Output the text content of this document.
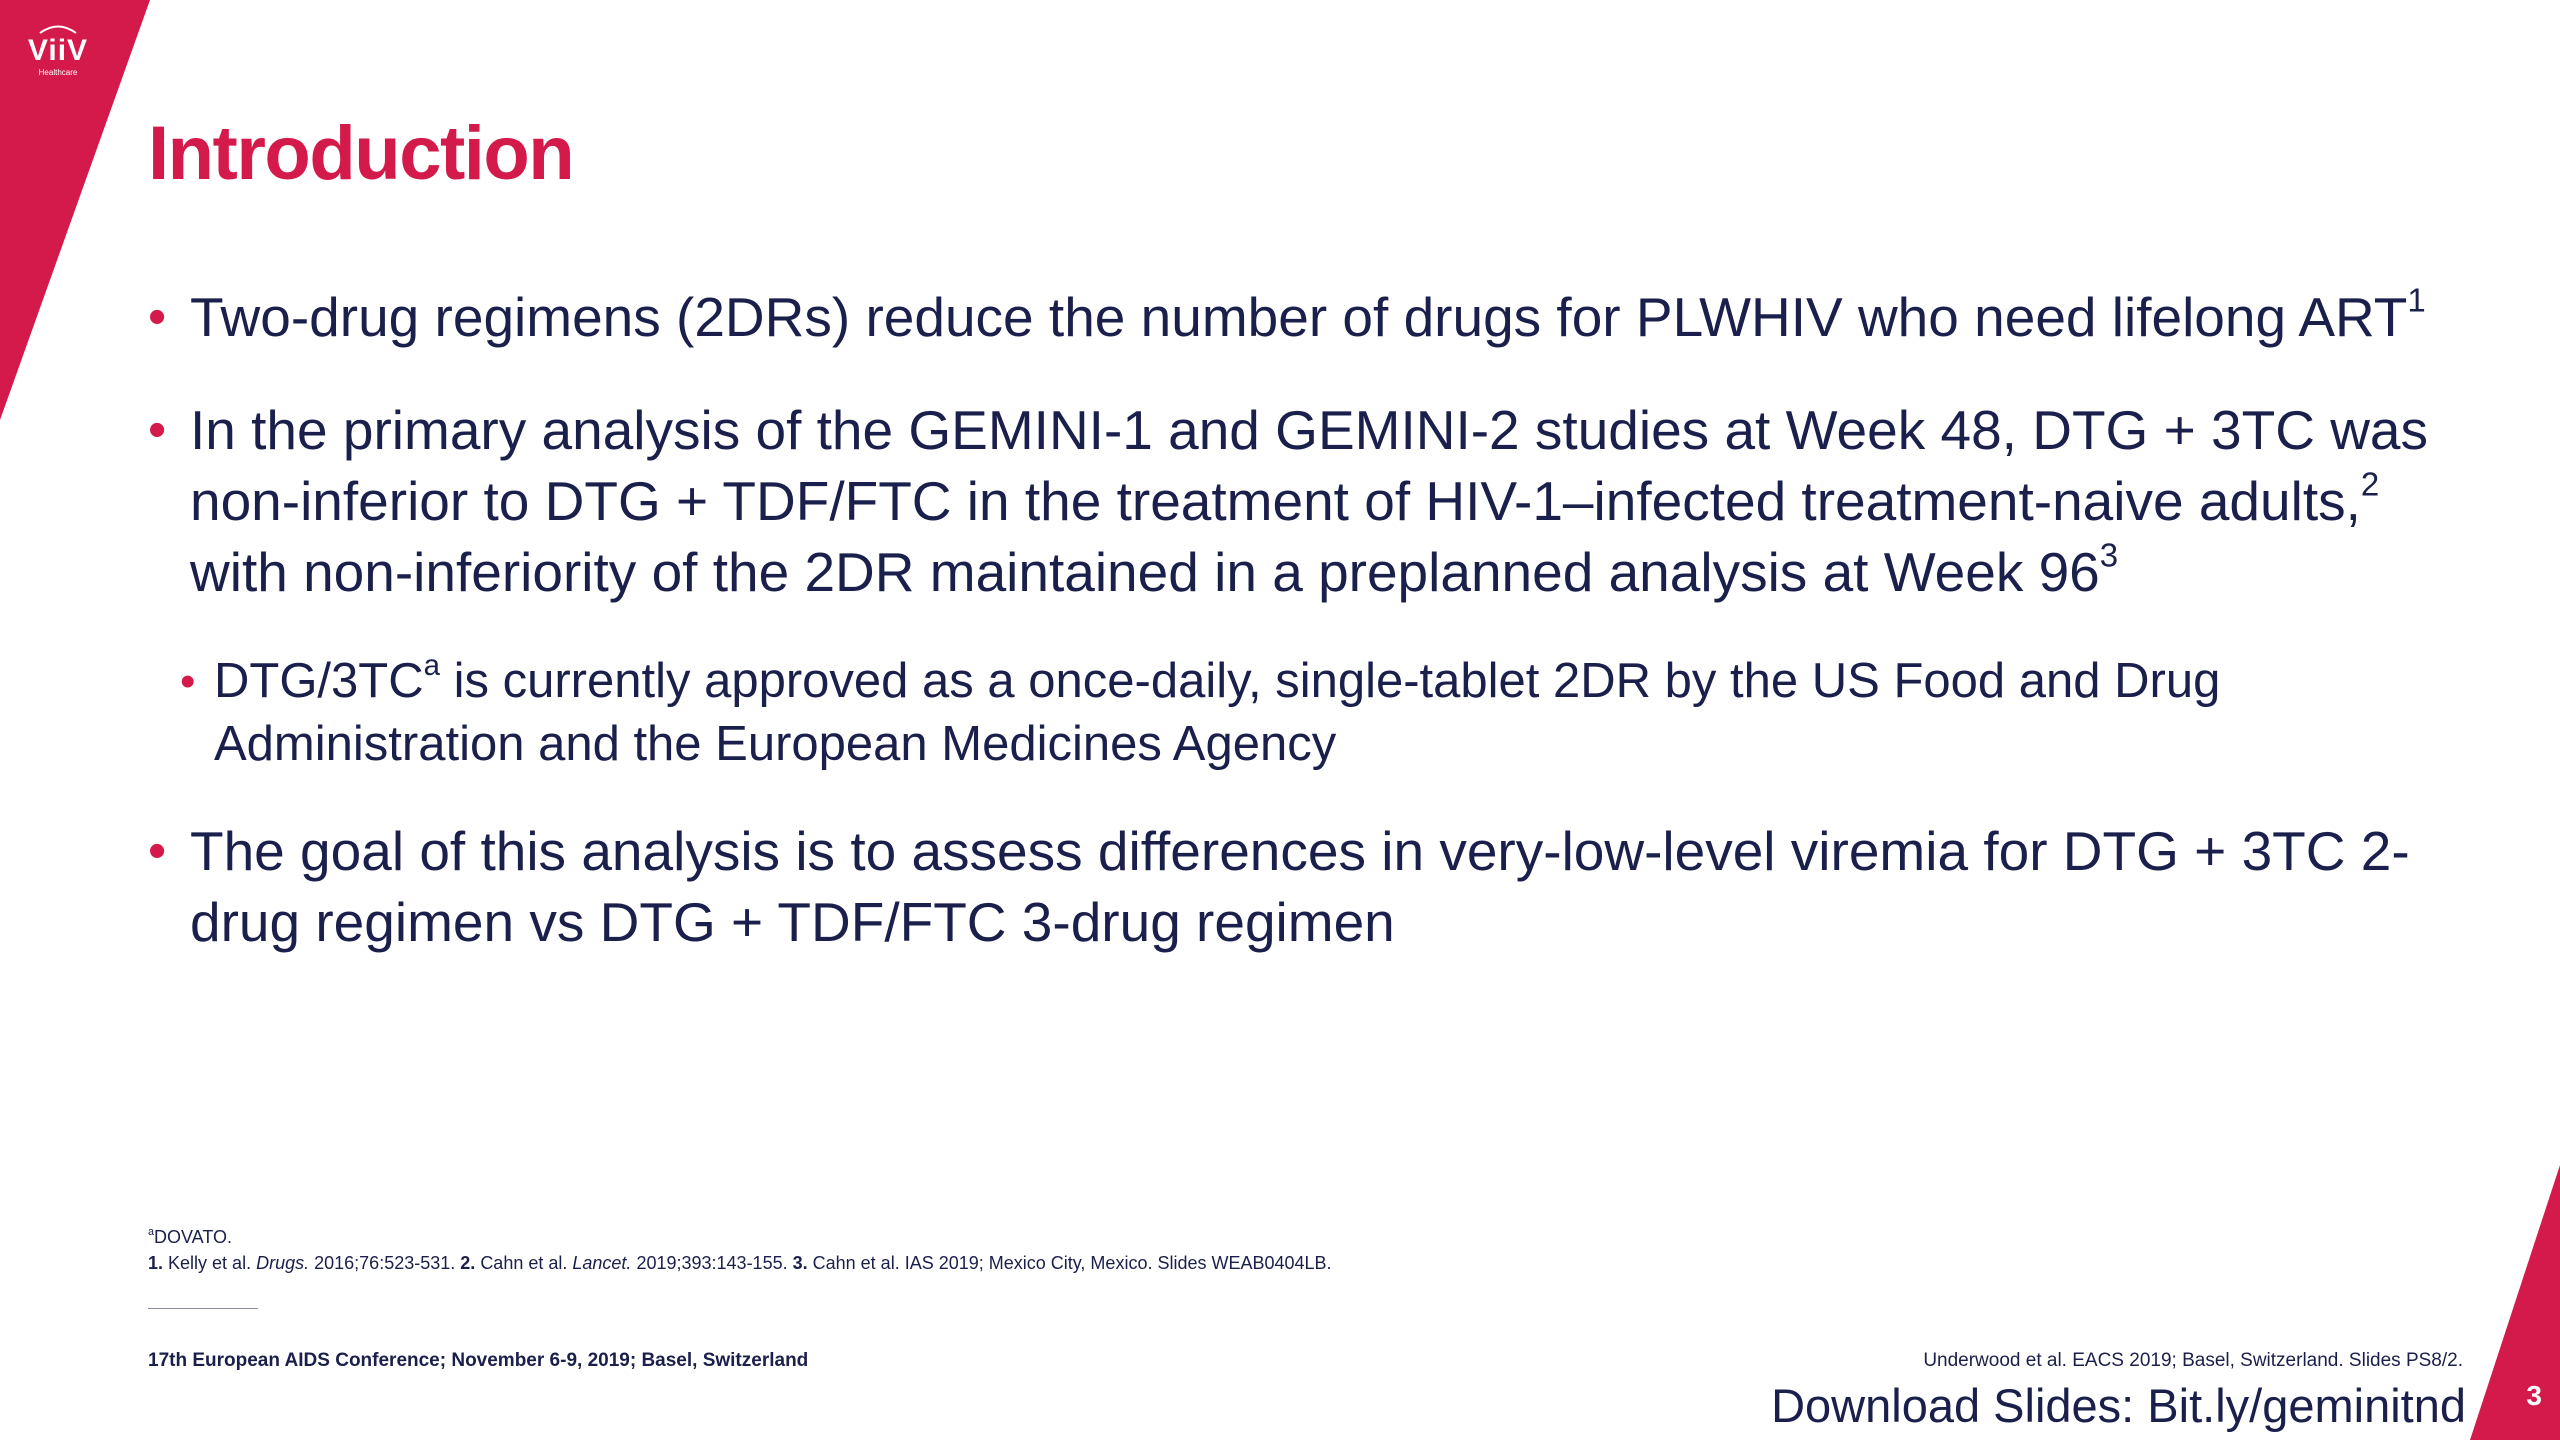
ViiV
Healthcare
Introduction
• Two-drug regimens (2DRs) reduce the number of drugs for PLWHIV who need lifelong ART$^1$
• In the primary analysis of the GEMINI-1 and GEMINI-2 studies at Week 48, DTG + 3TC was non-inferior to DTG + TDF/FTC in the treatment of HIV-1–infected treatment-naive adults,$^2$ with non-inferiority of the 2DR maintained in a preplanned analysis at Week $96^3$
• DTG/$3TC^a$ is currently approved as a once-daily, single-tablet 2DR by the US Food and Drug Administration and the European Medicines Agency
• The goal of this analysis is to assess differences in very-low-level viremia for DTG + 3TC 2-drug regimen vs DTG + TDF/FTC 3-drug regimen
$^a$DOVATO.
1. Kelly et al. Drugs. 2016;76:523-531. 2. Cahn et al. Lancet. 2019;393:143-155. 3. Cahn et al. IAS 2019; Mexico City, Mexico. Slides WEAB0404LB.
17th European AIDS Conference; November 6-9, 2019; Basel, Switzerland	Underwood et al. EACS 2019; Basel, Switzerland. Slides PS8/2.
Download Slides: Bit.ly/geminitnd 3
